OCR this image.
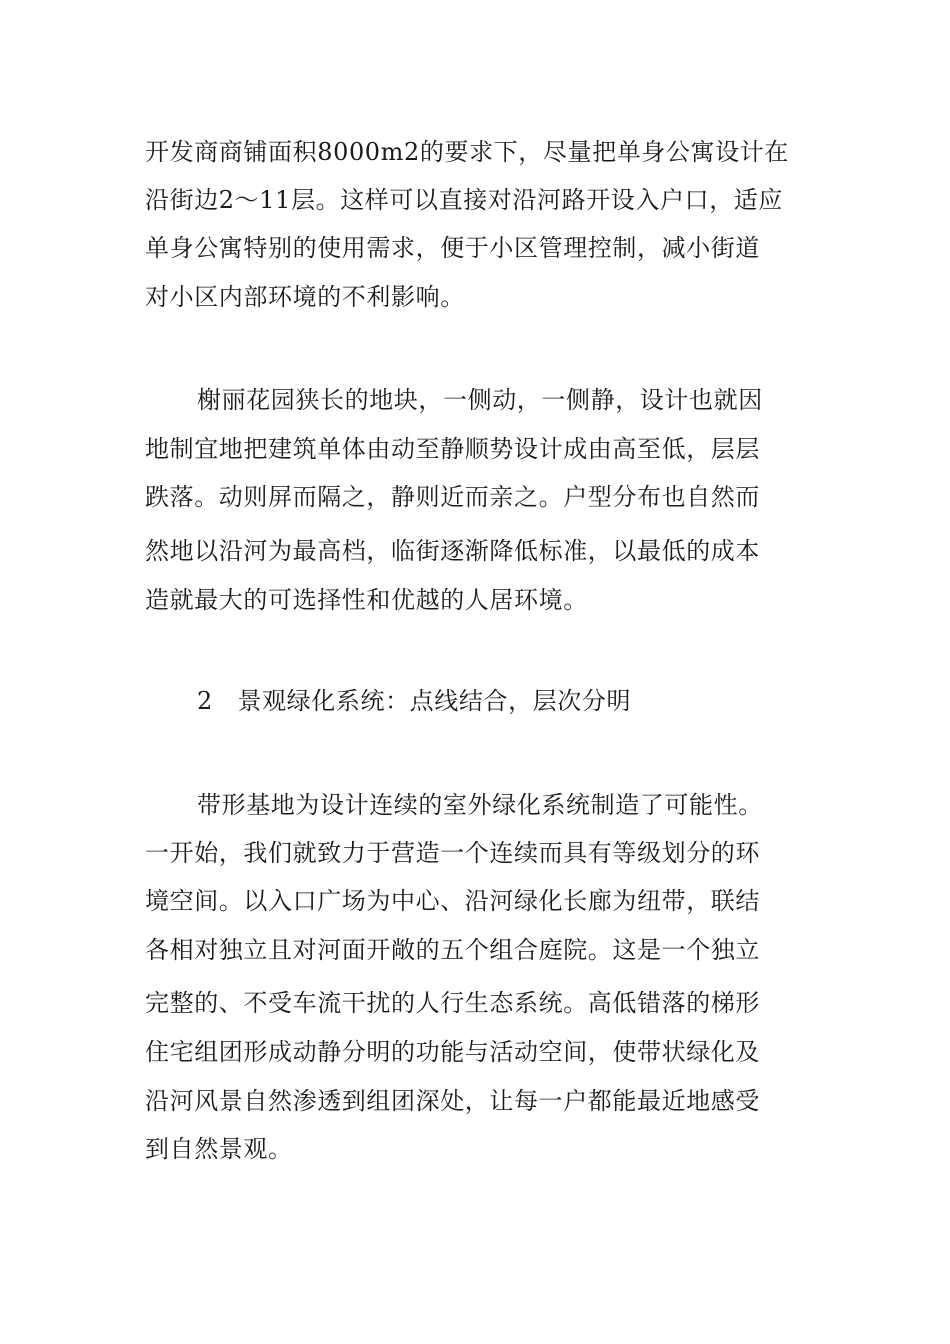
开发商商铺面积8000m2的要求下，尽量把单身公寓设计在
沿街边2～11层。这样可以直接对沿河路开设入户口，适应
单身公寓特别的使用需求，便于小区管理控制，减小街道
对小区内部环境的不利影响。
榭丽花园狭长的地块，一侧动，一侧静，设计也就因
地制宜地把建筑单体由动至静顺势设计成由高至低，层层
跌落。动则屏而隔之，静则近而亲之。户型分布也自然而
然地以沿河为最高档，临街逐渐降低标准，以最低的成本
造就最大的可选择性和优越的人居环境。
2　景观绿化系统：点线结合，层次分明
带形基地为设计连续的室外绿化系统制造了可能性。
一开始，我们就致力于营造一个连续而具有等级划分的环
境空间。以入口广场为中心、沿河绿化长廊为纽带，联结
各相对独立且对河面开敞的五个组合庭院。这是一个独立
完整的、不受车流干扰的人行生态系统。高低错落的梯形
住宅组团形成动静分明的功能与活动空间，使带状绿化及
沿河风景自然渗透到组团深处，让每一户都能最近地感受
到自然景观。
